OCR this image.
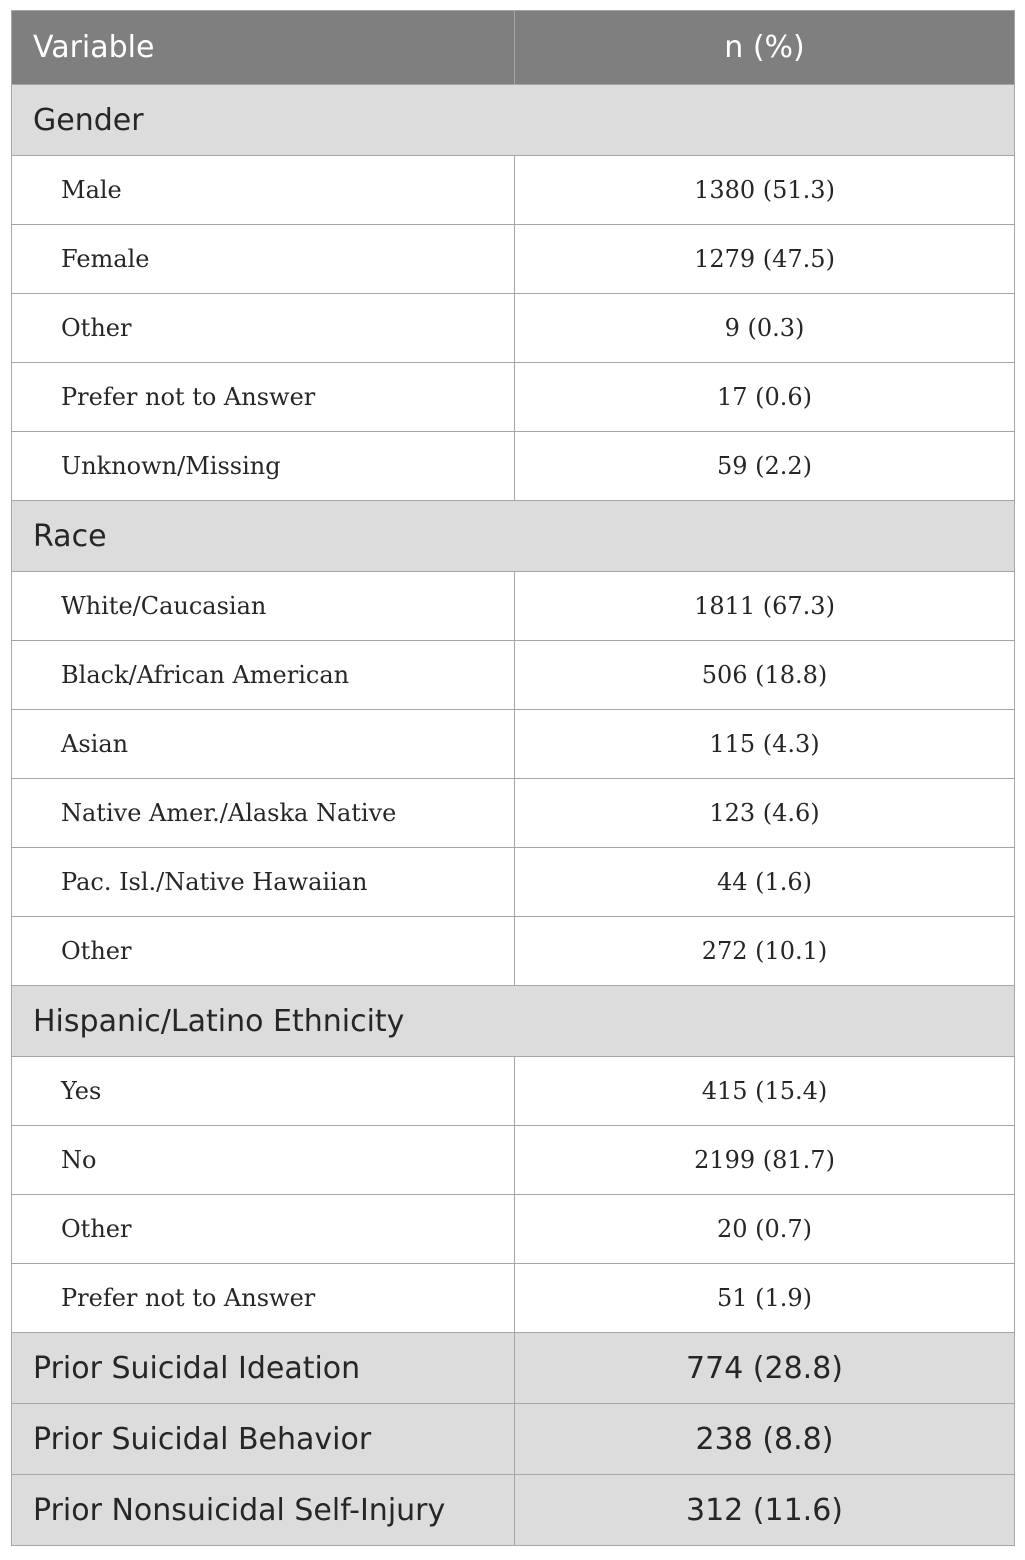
Variable	n (%)
Gender	
Male	1380 (51.3)
Female	1279 (47.5)
Other	9 (0.3)
Prefer not to Answer	17 (0.6)
Unknown/Missing	59 (2.2)
Race	
White/Caucasian	1811 (67.3)
Black/African American	506 (18.8)
Asian	115 (4.3)
Native Amer./Alaska Native	123 (4.6)
Pac. Isl./Native Hawaiian	44 (1.6)
Other	272 (10.1)
Hispanic/Latino Ethnicity	
Yes	415 (15.4)
No	2199 (81.7)
Other	20 (0.7)
Prefer not to Answer	51 (1.9)
Prior Suicidal Ideation	774 (28.8)
Prior Suicidal Behavior	238 (8.8)
Prior Nonsuicidal Self-Injury	312 (11.6)
